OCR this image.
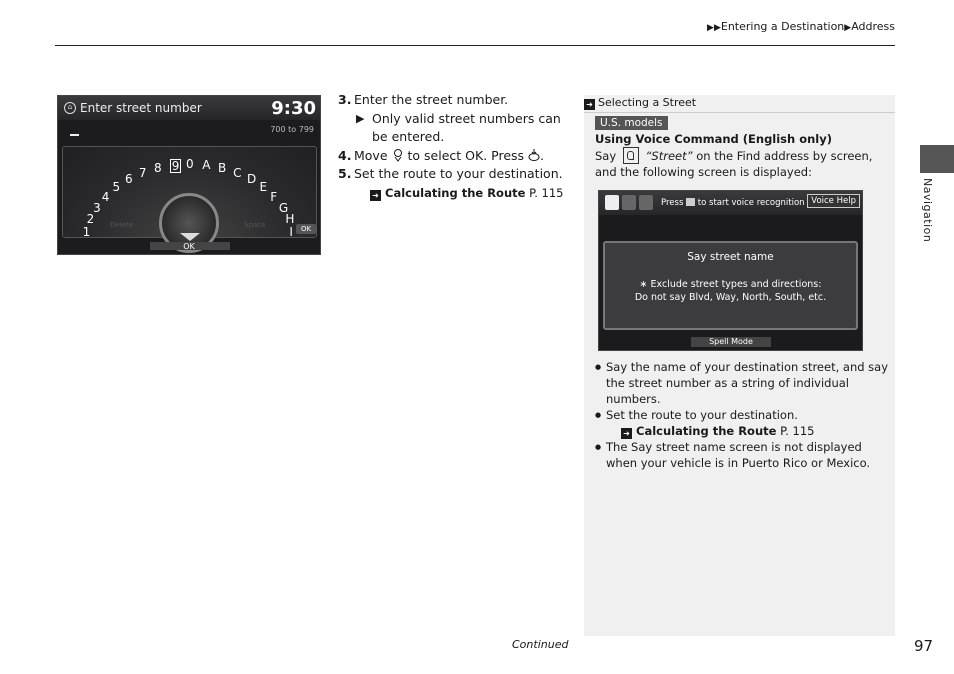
▶▶Entering a Destination▶Address
Navigation
⌂ Enter street number	9:30
700 to 799
1
2
3
4
5
6 7 8 9 0 A B C D
E
F
G
H
I
Delete	Space	OK
OK
3. Enter the street number.
▶ Only valid street numbers can be entered.
4. Move to select OK. Press .
5. Set the route to your destination.
➜ Calculating the Route P. 115
➜ Selecting a Street
U.S. models
Using Voice Command (English only)
Say	“Street” on the Find address by screen, and the following screen is displayed:
Press to start voice recognition Voice Help
Say street name
∗ Exclude street types and directions:
Do not say Blvd, Way, North, South, etc.
Spell Mode
● Say the name of your destination street, and say the street number as a string of individual numbers.
● Set the route to your destination.
➜ Calculating the Route P. 115
● The Say street name screen is not displayed when your vehicle is in Puerto Rico or Mexico.
Continued	97
